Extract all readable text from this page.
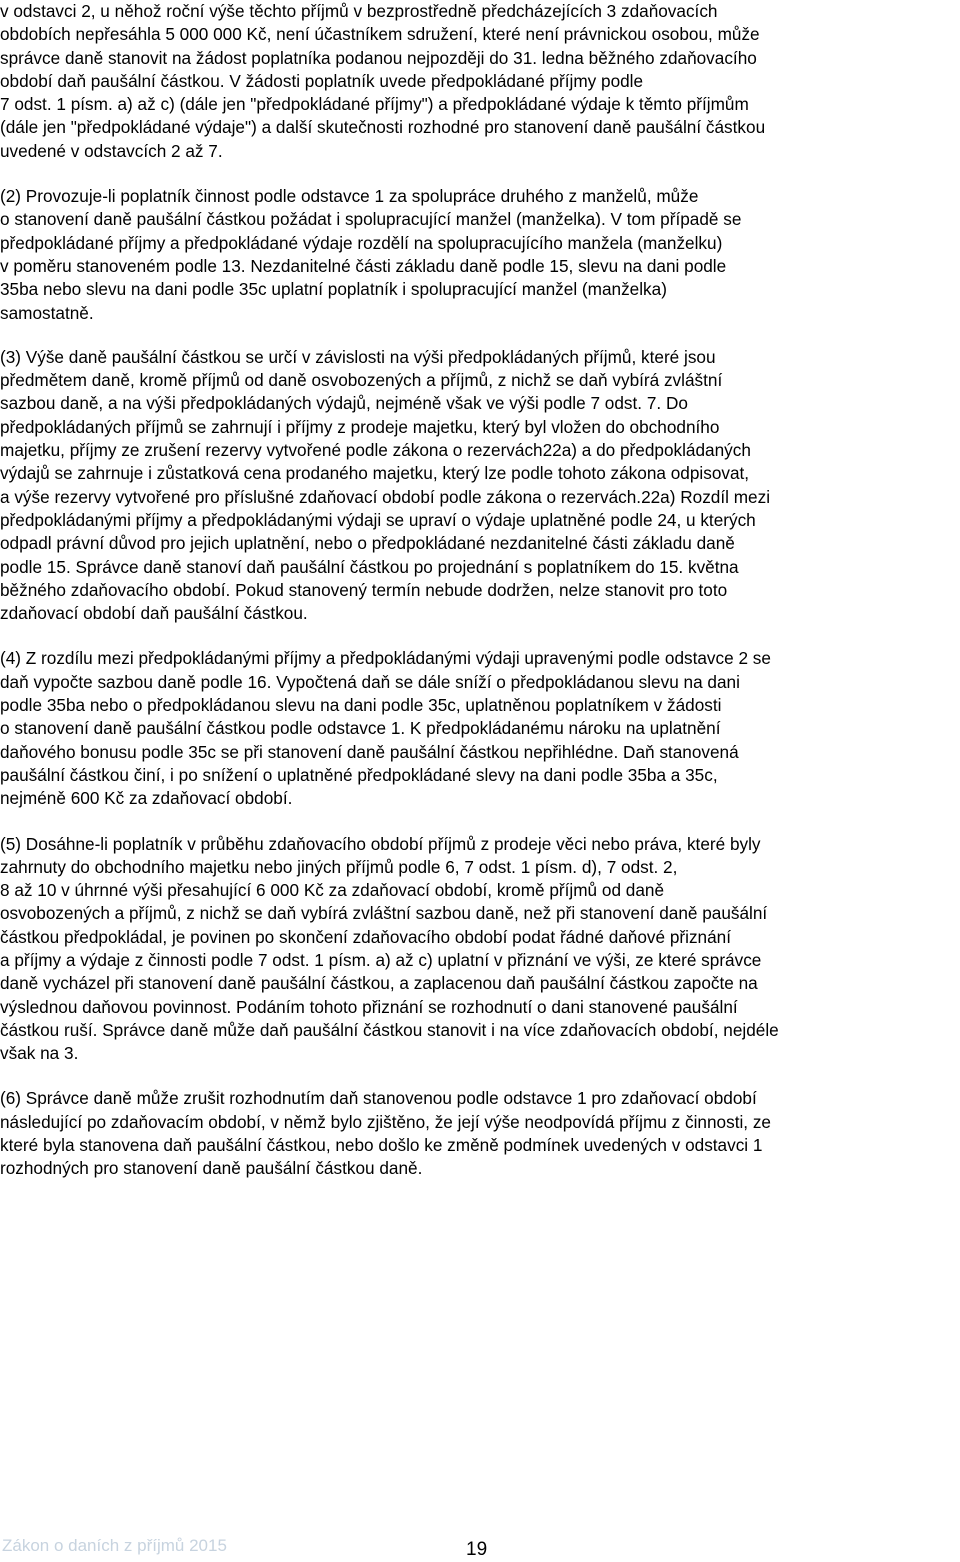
v odstavci 2, u něhož roční výše těchto příjmů v bezprostředně předcházejících 3 zdaňovacích
obdobích nepřesáhla 5 000 000 Kč, není účastníkem sdružení, které není právnickou osobou, může
správce daně stanovit na žádost poplatníka podanou nejpozději do 31. ledna běžného zdaňovacího
období daň paušální částkou. V žádosti poplatník uvede předpokládané příjmy podle
7 odst. 1 písm. a) až c) (dále jen "předpokládané příjmy") a předpokládané výdaje k těmto příjmům
(dále jen "předpokládané výdaje") a další skutečnosti rozhodné pro stanovení daně paušální částkou
uvedené v odstavcích 2 až 7.

(2) Provozuje-li poplatník činnost podle odstavce 1 za spolupráce druhého z manželů, může
o stanovení daně paušální částkou požádat i spolupracující manžel (manželka). V tom případě se
předpokládané příjmy a předpokládané výdaje rozdělí na spolupracujícího manžela (manželku)
v poměru stanoveném podle 13. Nezdanitelné části základu daně podle 15, slevu na dani podle
35ba nebo slevu na dani podle 35c uplatní poplatník i spolupracující manžel (manželka)
samostatně.

(3) Výše daně paušální částkou se určí v závislosti na výši předpokládaných příjmů, které jsou
předmětem daně, kromě příjmů od daně osvobozených a příjmů, z nichž se daň vybírá zvláštní
sazbou daně, a na výši předpokládaných výdajů, nejméně však ve výši podle 7 odst. 7. Do
předpokládaných příjmů se zahrnují i příjmy z prodeje majetku, který byl vložen do obchodního
majetku, příjmy ze zrušení rezervy vytvořené podle zákona o rezervách22a) a do předpokládaných
výdajů se zahrnuje i zůstatková cena prodaného majetku, který lze podle tohoto zákona odpisovat,
a výše rezervy vytvořené pro příslušné zdaňovací období podle zákona o rezervách.22a) Rozdíl mezi
předpokládanými příjmy a předpokládanými výdaji se upraví o výdaje uplatněné podle 24, u kterých
odpadl právní důvod pro jejich uplatnění, nebo o předpokládané nezdanitelné části základu daně
podle 15. Správce daně stanoví daň paušální částkou po projednání s poplatníkem do 15. května
běžného zdaňovacího období. Pokud stanovený termín nebude dodržen, nelze stanovit pro toto
zdaňovací období daň paušální částkou.

(4) Z rozdílu mezi předpokládanými příjmy a předpokládanými výdaji upravenými podle odstavce 2 se
daň vypočte sazbou daně podle 16. Vypočtená daň se dále sníží o předpokládanou slevu na dani
podle 35ba nebo o předpokládanou slevu na dani podle 35c, uplatněnou poplatníkem v žádosti
o stanovení daně paušální částkou podle odstavce 1. K předpokládanému nároku na uplatnění
daňového bonusu podle 35c se při stanovení daně paušální částkou nepřihlédne. Daň stanovená
paušální částkou činí, i po snížení o uplatněné předpokládané slevy na dani podle 35ba a 35c,
nejméně 600 Kč za zdaňovací období.

(5) Dosáhne-li poplatník v průběhu zdaňovacího období příjmů z prodeje věci nebo práva, které byly
zahrnuty do obchodního majetku nebo jiných příjmů podle 6, 7 odst. 1 písm. d), 7 odst. 2,
8 až 10 v úhrnné výši přesahující 6 000 Kč za zdaňovací období, kromě příjmů od daně
osvobozených a příjmů, z nichž se daň vybírá zvláštní sazbou daně, než při stanovení daně paušální
částkou předpokládal, je povinen po skončení zdaňovacího období podat řádné daňové přiznání
a příjmy a výdaje z činnosti podle 7 odst. 1 písm. a) až c) uplatní v přiznání ve výši, ze které správce
daně vycházel při stanovení daně paušální částkou, a zaplacenou daň paušální částkou započte na
výslednou daňovou povinnost. Podáním tohoto přiznání se rozhodnutí o dani stanovené paušální
částkou ruší. Správce daně může daň paušální částkou stanovit i na více zdaňovacích období, nejdéle
však na 3.

(6) Správce daně může zrušit rozhodnutím daň stanovenou podle odstavce 1 pro zdaňovací období
následující po zdaňovacím období, v němž bylo zjištěno, že její výše neodpovídá příjmu z činnosti, ze
které byla stanovena daň paušální částkou, nebo došlo ke změně podmínek uvedených v odstavci 1
rozhodných pro stanovení daně paušální částkou daně.

Zákon o daních z příjmů 2015	19
